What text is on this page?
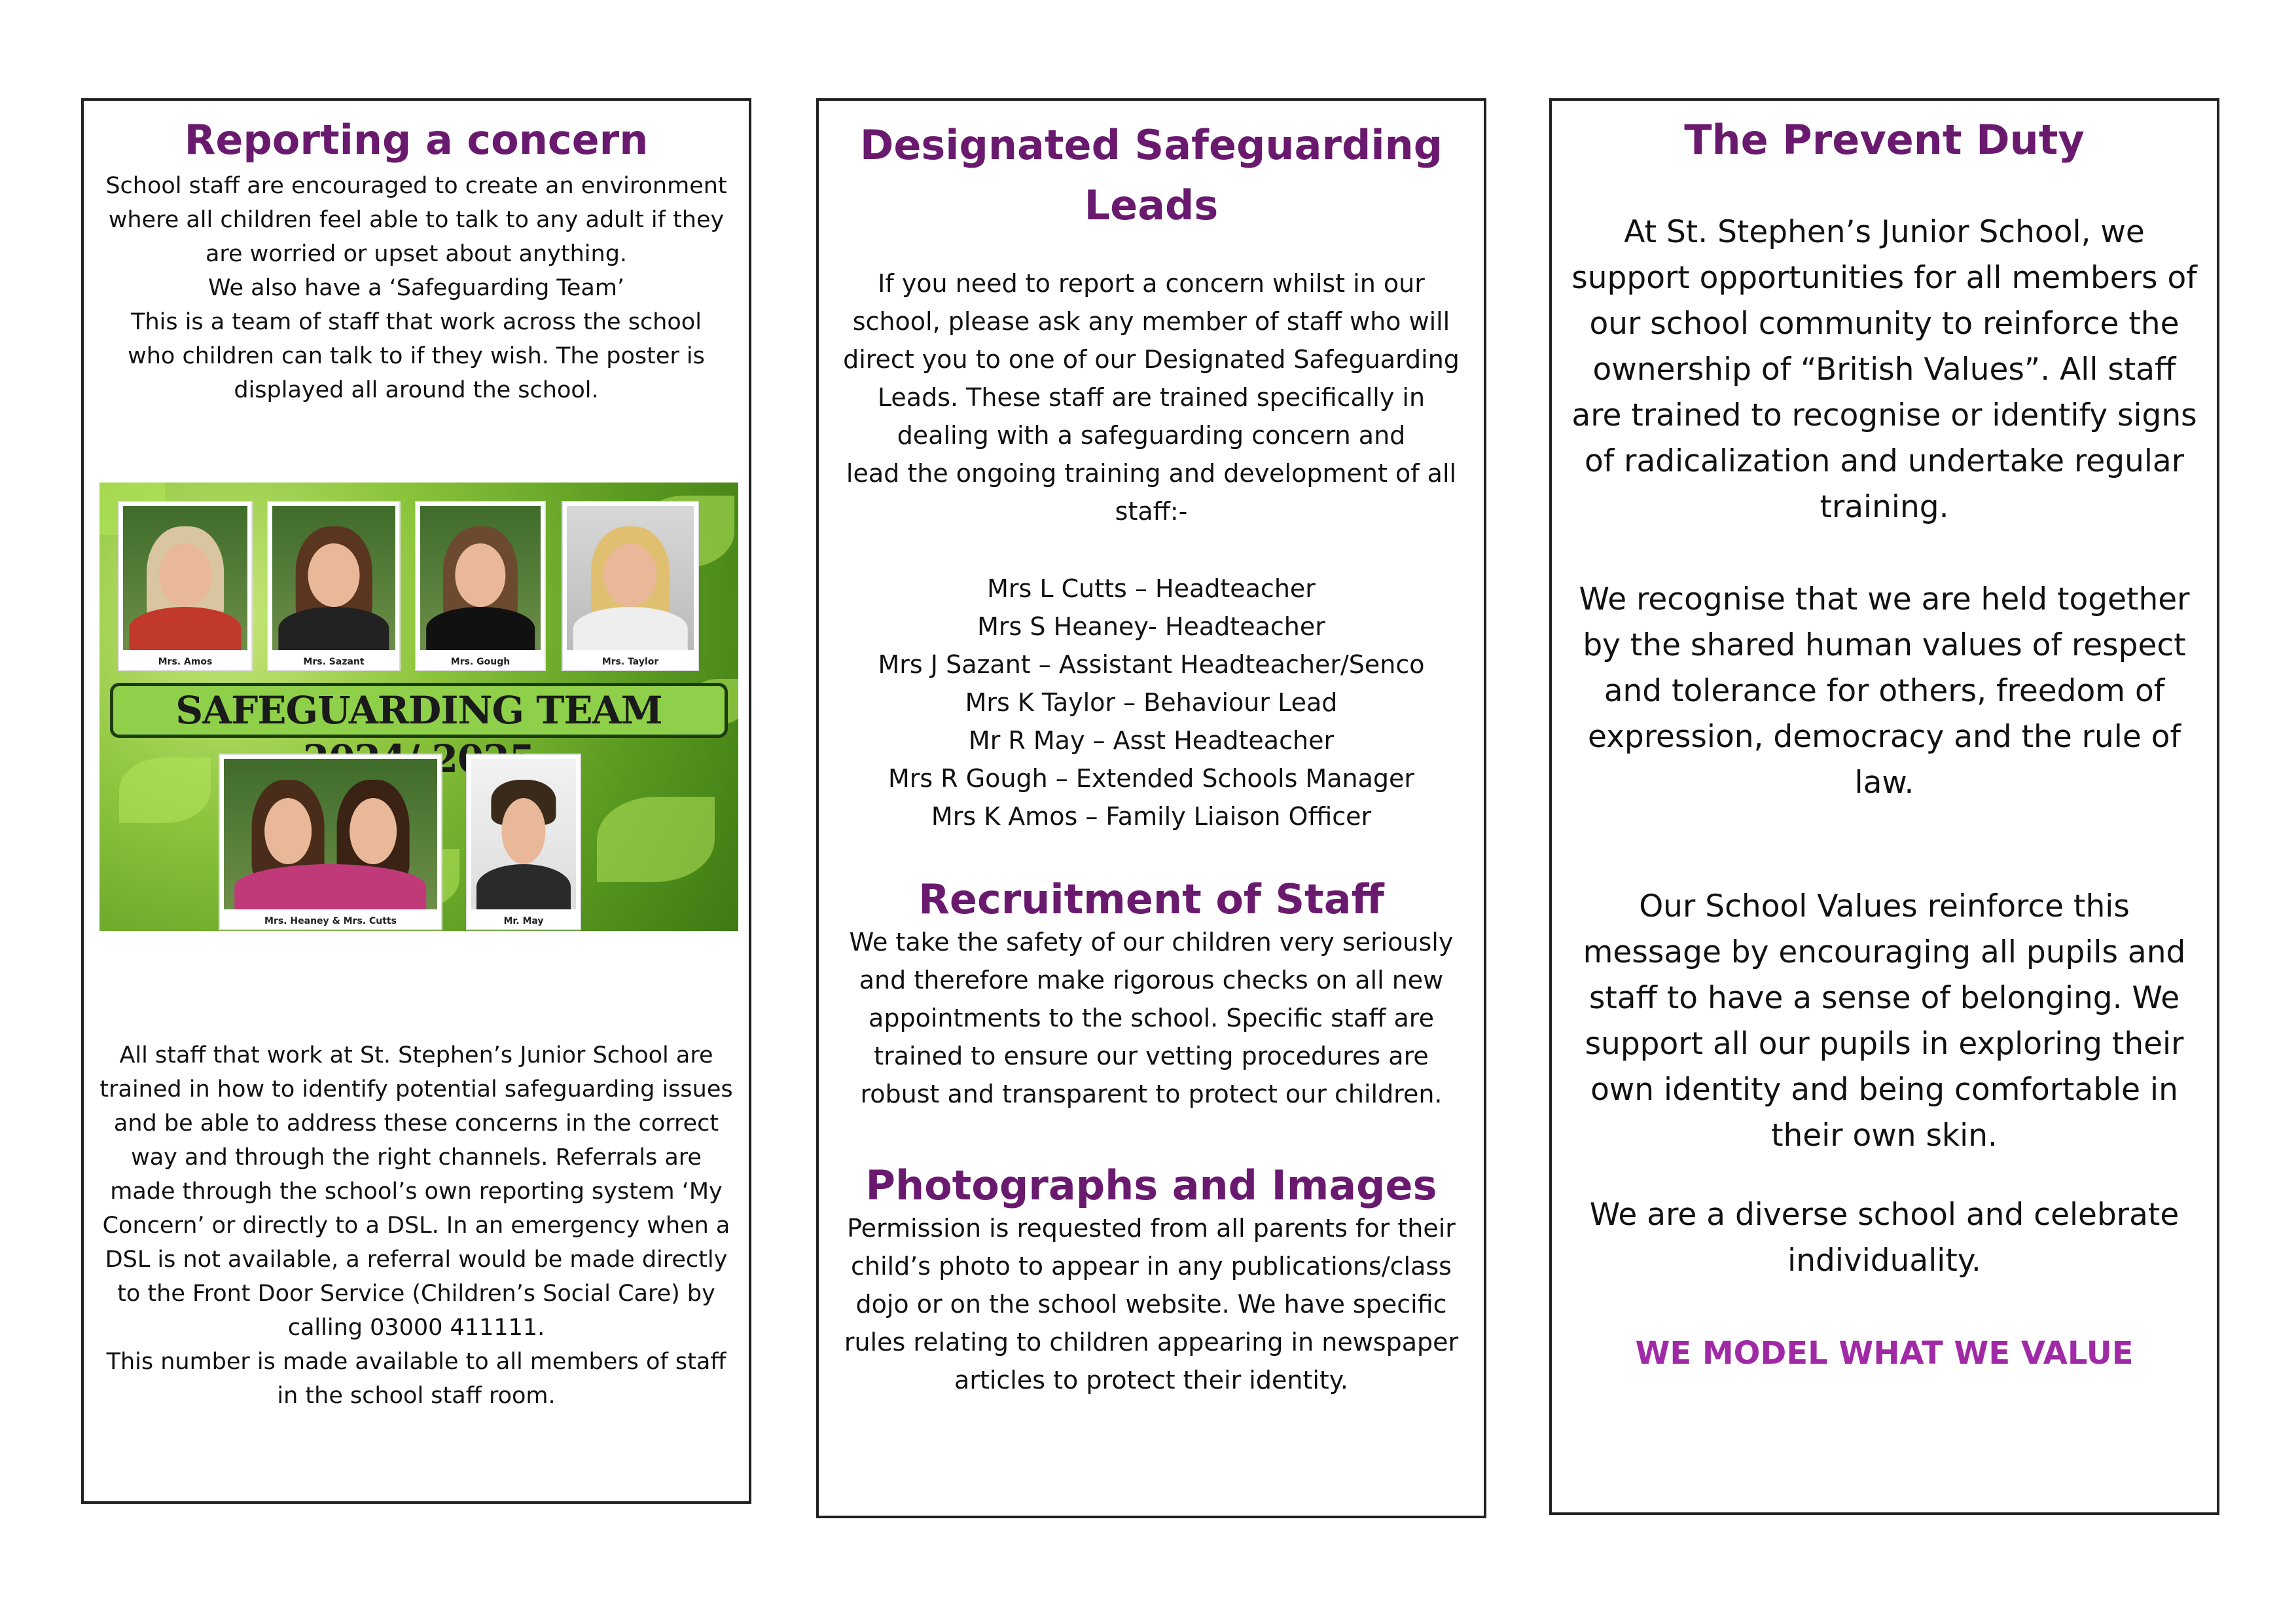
Reporting a concern

School staff are encouraged to create an environment
where all children feel able to talk to any adult if they
are worried or upset about anything.
We also have a ‘Safeguarding Team’
This is a team of staff that work across the school
who children can talk to if they wish. The poster is
displayed all around the school.

Mrs. Amos	Mrs. Sazant	Mrs. Gough	Mrs. Taylor
SAFEGUARDING TEAM
Mrs. Heaney & Mrs. Cutts	Mr. May

All staff that work at St. Stephen’s Junior School are
trained in how to identify potential safeguarding issues
and be able to address these concerns in the correct
way and through the right channels. Referrals are
made through the school’s own reporting system ‘My
Concern’ or directly to a DSL. In an emergency when a
DSL is not available, a referral would be made directly
to the Front Door Service (Children’s Social Care) by
calling 03000 411111.
This number is made available to all members of staff
in the school staff room.

Designated Safeguarding
Leads

If you need to report a concern whilst in our
school, please ask any member of staff who will
direct you to one of our Designated Safeguarding
Leads. These staff are trained specifically in
dealing with a safeguarding concern and
lead the ongoing training and development of all
staff:-

Mrs L Cutts – Headteacher
Mrs S Heaney- Headteacher
Mrs J Sazant – Assistant Headteacher/Senco
Mrs K Taylor – Behaviour Lead
Mr R May – Asst Headteacher
Mrs R Gough – Extended Schools Manager
Mrs K Amos – Family Liaison Officer

Recruitment of Staff

We take the safety of our children very seriously
and therefore make rigorous checks on all new
appointments to the school. Specific staff are
trained to ensure our vetting procedures are
robust and transparent to protect our children.

Photographs and Images

Permission is requested from all parents for their
child’s photo to appear in any publications/class
dojo or on the school website. We have specific
rules relating to children appearing in newspaper
articles to protect their identity.

The Prevent Duty

At St. Stephen’s Junior School, we
support opportunities for all members of
our school community to reinforce the
ownership of “British Values”. All staff
are trained to recognise or identify signs
of radicalization and undertake regular
training.

We recognise that we are held together
by the shared human values of respect
and tolerance for others, freedom of
expression, democracy and the rule of
law.

Our School Values reinforce this
message by encouraging all pupils and
staff to have a sense of belonging. We
support all our pupils in exploring their
own identity and being comfortable in
their own skin.

We are a diverse school and celebrate
individuality.

WE MODEL WHAT WE VALUE
